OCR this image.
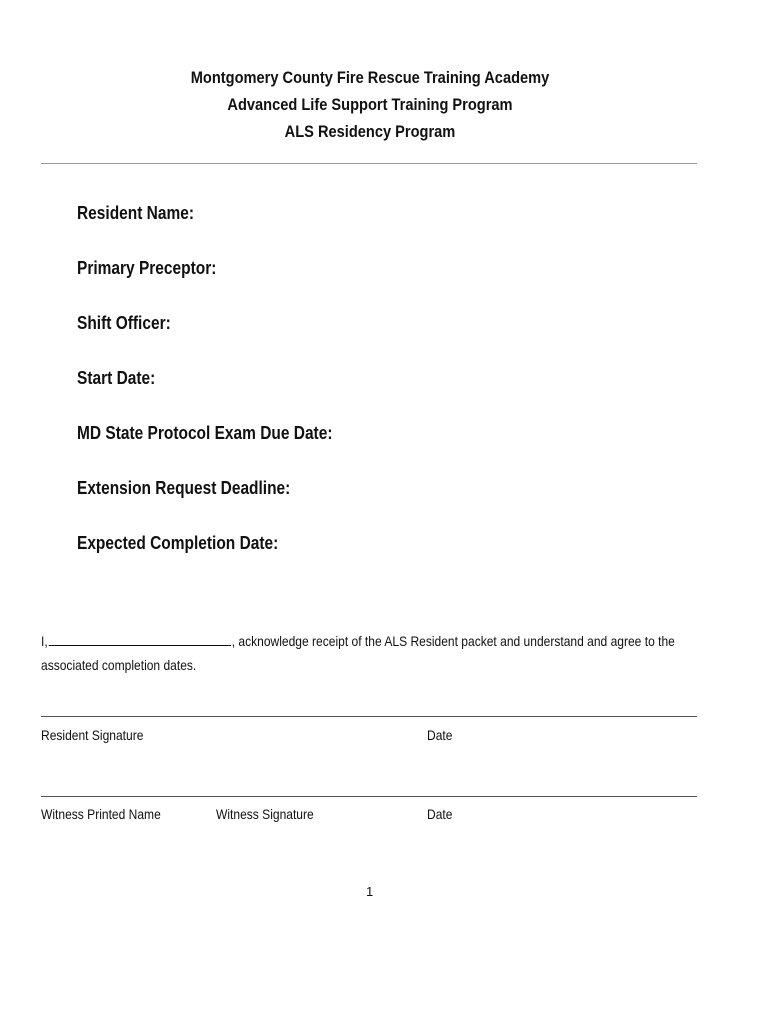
Montgomery County Fire Rescue Training Academy
Advanced Life Support Training Program
ALS Residency Program
Resident Name:
Primary Preceptor:
Shift Officer:
Start Date:
MD State Protocol Exam Due Date:
Extension Request Deadline:
Expected Completion Date:
I,	, acknowledge receipt of the ALS Resident packet and understand and agree to the
associated completion dates.
Resident Signature	Date
Witness Printed Name	Witness Signature	Date
1
